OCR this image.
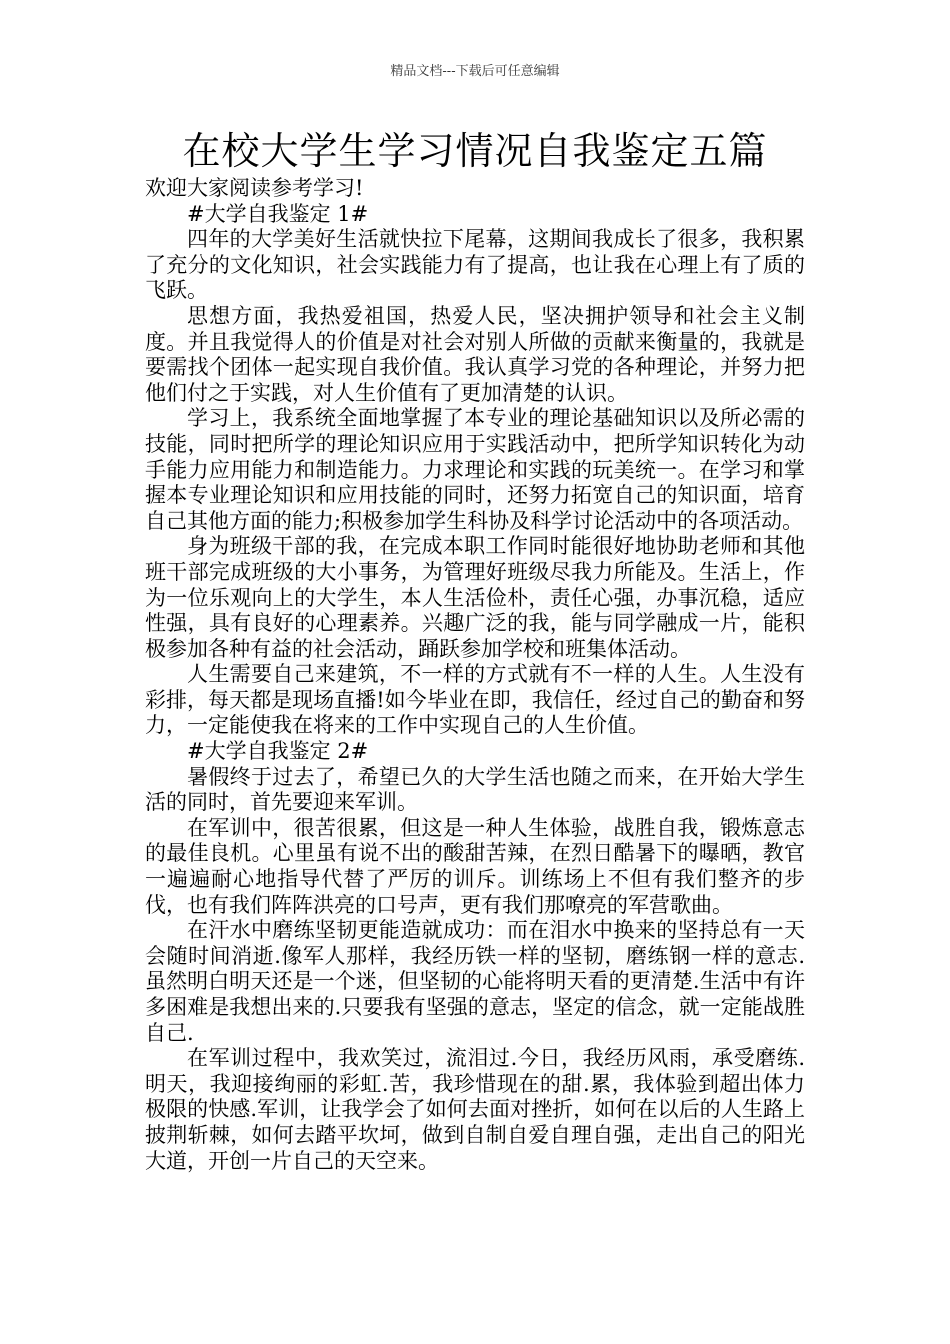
精品文档---下载后可任意编辑
在校大学生学习情况自我鉴定五篇

欢迎大家阅读参考学习!

#大学自我鉴定 1#

四年的大学美好生活就快拉下尾幕，这期间我成长了很多，我积累了充分的文化知识，社会实践能力有了提高，也让我在心理上有了质的飞跃。

思想方面，我热爱祖国，热爱人民，坚决拥护领导和社会主义制度。并且我觉得人的价值是对社会对别人所做的贡献来衡量的，我就是要需找个团体一起实现自我价值。我认真学习党的各种理论，并努力把他们付之于实践，对人生价值有了更加清楚的认识。

学习上，我系统全面地掌握了本专业的理论基础知识以及所必需的技能，同时把所学的理论知识应用于实践活动中，把所学知识转化为动手能力应用能力和制造能力。力求理论和实践的玩美统一。在学习和掌握本专业理论知识和应用技能的同时，还努力拓宽自己的知识面，培育自己其他方面的能力;积极参加学生科协及科学讨论活动中的各项活动。

身为班级干部的我，在完成本职工作同时能很好地协助老师和其他班干部完成班级的大小事务，为管理好班级尽我力所能及。生活上，作为一位乐观向上的大学生，本人生活俭朴，责任心强，办事沉稳，适应性强，具有良好的心理素养。兴趣广泛的我，能与同学融成一片，能积极参加各种有益的社会活动，踊跃参加学校和班集体活动。

人生需要自己来建筑，不一样的方式就有不一样的人生。人生没有彩排，每天都是现场直播!如今毕业在即，我信任，经过自己的勤奋和努力，一定能使我在将来的工作中实现自己的人生价值。

#大学自我鉴定 2#

暑假终于过去了，希望已久的大学生活也随之而来，在开始大学生活的同时，首先要迎来军训。

在军训中，很苦很累，但这是一种人生体验，战胜自我，锻炼意志的最佳良机。心里虽有说不出的酸甜苦辣，在烈日酷暑下的曝晒，教官一遍遍耐心地指导代替了严厉的训斥。训练场上不但有我们整齐的步伐，也有我们阵阵洪亮的口号声，更有我们那嘹亮的军营歌曲。

在汗水中磨练坚韧更能造就成功：而在泪水中换来的坚持总有一天会随时间消逝.像军人那样，我经历铁一样的坚韧，磨练钢一样的意志.虽然明白明天还是一个迷，但坚韧的心能将明天看的更清楚.生活中有许多困难是我想出来的.只要我有坚强的意志，坚定的信念，就一定能战胜自己.

在军训过程中，我欢笑过，流泪过.今日，我经历风雨，承受磨练.明天，我迎接绚丽的彩虹.苦，我珍惜现在的甜.累，我体验到超出体力极限的快感.军训，让我学会了如何去面对挫折，如何在以后的人生路上披荆斩棘，如何去踏平坎坷，做到自制自爱自理自强，走出自己的阳光大道，开创一片自己的天空来。
